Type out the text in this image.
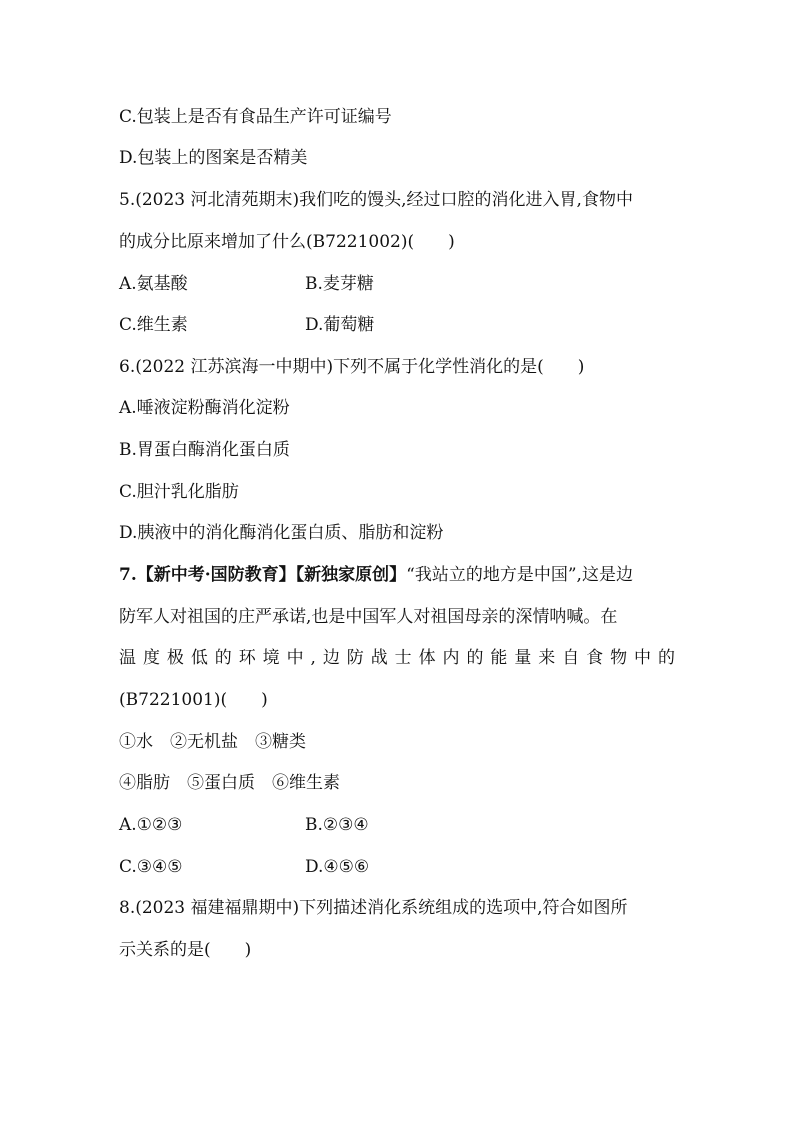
C.包装上是否有食品生产许可证编号
D.包装上的图案是否精美
5.(2023 河北清苑期末)我们吃的馒头,经过口腔的消化进入胃,食物中
的成分比原来增加了什么(B7221002)(　　)
A.氨基酸	B.麦芽糖
C.维生素	D.葡萄糖
6.(2022 江苏滨海一中期中)下列不属于化学性消化的是(　　)
A.唾液淀粉酶消化淀粉
B.胃蛋白酶消化蛋白质
C.胆汁乳化脂肪
D.胰液中的消化酶消化蛋白质、脂肪和淀粉
7.【新中考·国防教育】【新独家原创】“我站立的地方是中国”,这是边
防军人对祖国的庄严承诺,也是中国军人对祖国母亲的深情呐喊。在
温度极低的环境中,边防战士体内的能量来自食物中的
(B7221001)(　　)
①水　②无机盐　③糖类
④脂肪　⑤蛋白质　⑥维生素
A.①②③	B.②③④
C.③④⑤	D.④⑤⑥
8.(2023 福建福鼎期中)下列描述消化系统组成的选项中,符合如图所
示关系的是(　　)
